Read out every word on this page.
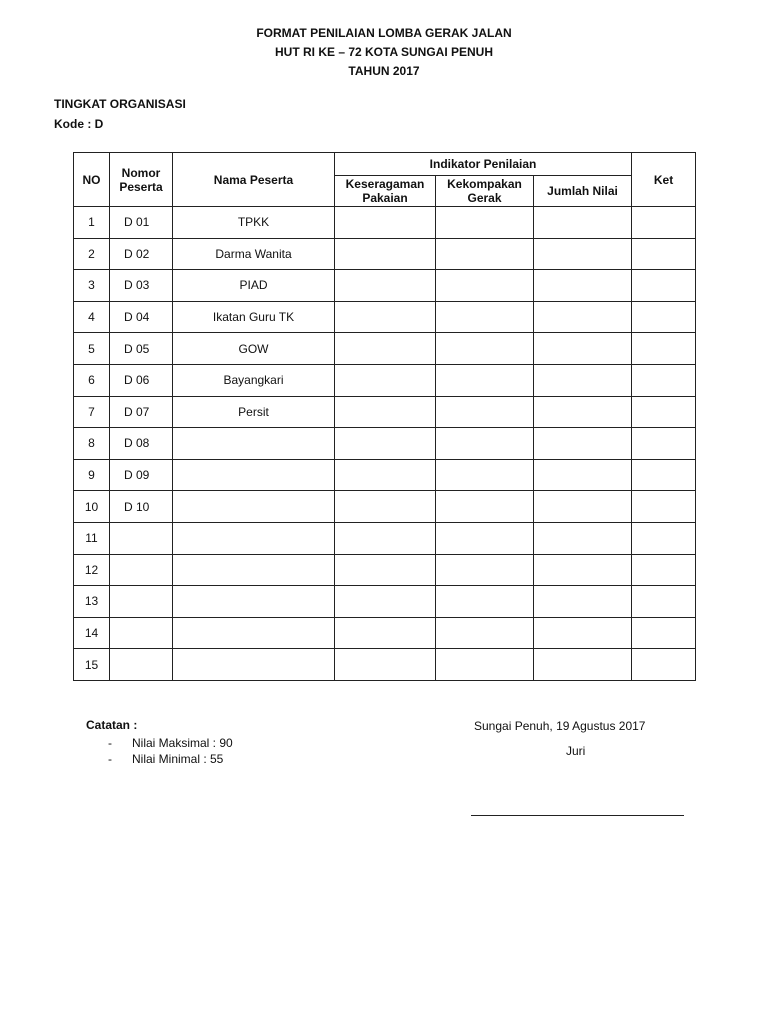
FORMAT PENILAIAN LOMBA GERAK JALAN
HUT RI KE – 72 KOTA SUNGAI PENUH
TAHUN 2017
TINGKAT ORGANISASI
Kode : D
NO	Nomor Peserta	Nama Peserta	Indikator Penilaian			Ket
			Keseragaman Pakaian	Kekompakan Gerak	Jumlah Nilai	
1	D 01	TPKK				
2	D 02	Darma Wanita				
3	D 03	PIAD				
4	D 04	Ikatan Guru TK				
5	D 05	GOW				
6	D 06	Bayangkari				
7	D 07	Persit				
8	D 08					
9	D 09					
10	D 10					
11						
12						
13						
14						
15						
Catatan :
- Nilai Maksimal : 90
- Nilai Minimal : 55
Sungai Penuh, 19 Agustus 2017
Juri
